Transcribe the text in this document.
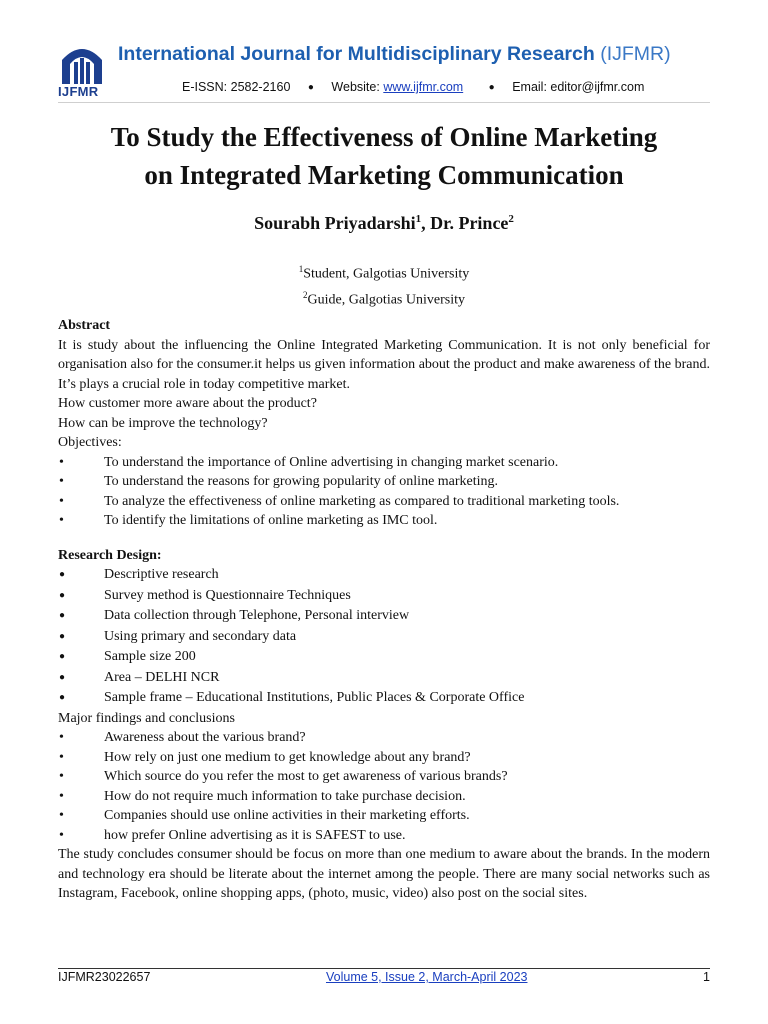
IJFMR
International Journal for Multidisciplinary Research (IJFMR)
E-ISSN: 2582-2160 ● Website: www.ijfmr.com	● Email: editor@ijfmr.com
To Study the Effectiveness of Online Marketing
on Integrated Marketing Communication
Sourabh Priyadarshi$^1$, Dr. Prince$^2$
$^1$Student, Galgotias University
$^2$Guide, Galgotias University

Abstract

It is study about the influencing the Online Integrated Marketing Communication. It is not only beneficial for organisation also for the consumer.it helps us given information about the product and make awareness of the brand. It’s plays a crucial role in today competitive market.

How customer more aware about the product?

How can be improve the technology?

Objectives:

• To understand the importance of Online advertising in changing market scenario.
• To understand the reasons for growing popularity of online marketing.
• To analyze the effectiveness of online marketing as compared to traditional marketing tools.
• To identify the limitations of online marketing as IMC tool.

Research Design:

● Descriptive research
● Survey method is Questionnaire Techniques
● Data collection through Telephone, Personal interview
● Using primary and secondary data
● Sample size 200
● Area – DELHI NCR
● Sample frame – Educational Institutions, Public Places & Corporate Office

Major findings and conclusions

• Awareness about the various brand?
• How rely on just one medium to get knowledge about any brand?
• Which source do you refer the most to get awareness of various brands?
• How do not require much information to take purchase decision.
• Companies should use online activities in their marketing efforts.
• how prefer Online advertising as it is SAFEST to use.

The study concludes consumer should be focus on more than one medium to aware about the brands. In the modern and technology era should be literate about the internet among the people. There are many social networks such as Instagram, Facebook, online shopping apps, (photo, music, video) also post on the social sites.

IJFMR23022657	Volume 5, Issue 2, March-April 2023	1
